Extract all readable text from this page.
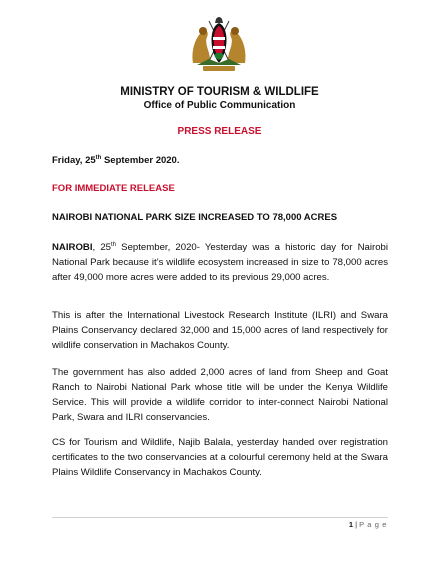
MINISTRY OF TOURISM & WILDLIFE
Office of Public Communication
PRESS RELEASE
Friday, 25th September 2020.
FOR IMMEDIATE RELEASE
NAIROBI NATIONAL PARK SIZE INCREASED TO 78,000 ACRES

NAIROBI, 25th September, 2020- Yesterday was a historic day for Nairobi National Park because it’s wildlife ecosystem increased in size to 78,000 acres after 49,000 more acres were added to its previous 29,000 acres.

This is after the International Livestock Research Institute (ILRI) and Swara Plains Conservancy declared 32,000 and 15,000 acres of land respectively for wildlife conservation in Machakos County.

The government has also added 2,000 acres of land from Sheep and Goat Ranch to Nairobi National Park whose title will be under the Kenya Wildlife Service. This will provide a wildlife corridor to inter-connect Nairobi National Park, Swara and ILRI conservancies.

CS for Tourism and Wildlife, Najib Balala, yesterday handed over registration certificates to the two conservancies at a colourful ceremony held at the Swara Plains Wildlife Conservancy in Machakos County.

1 | P a g e
